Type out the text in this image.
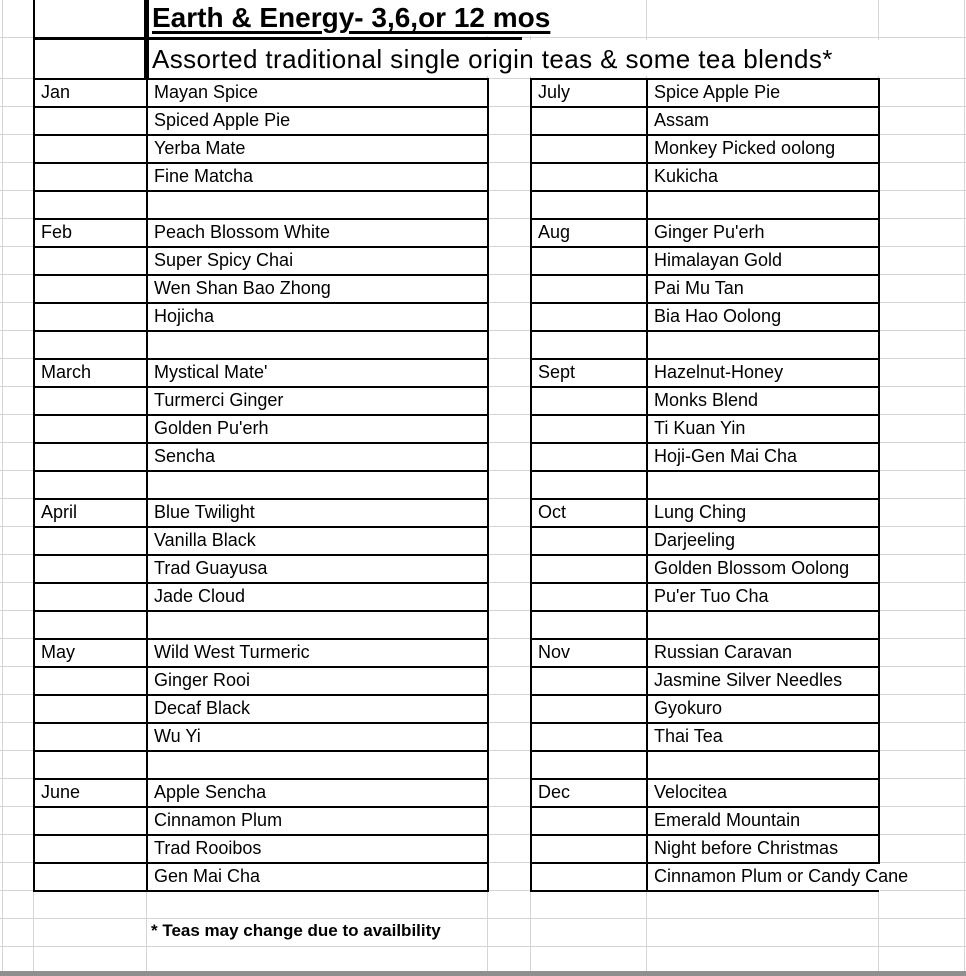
Earth & Energy- 3,6,or 12 mos
Assorted traditional single origin teas & some tea blends*
Jan	Mayan Spice
	Spiced Apple Pie
	Yerba Mate
	Fine Matcha

Feb	Peach Blossom White
	Super Spicy Chai
	Wen Shan Bao Zhong
	Hojicha

March	Mystical Mate'
	Turmerci Ginger
	Golden Pu'erh
	Sencha

April	Blue Twilight
	Vanilla Black
	Trad Guayusa
	Jade Cloud

May	Wild West Turmeric
	Ginger Rooi
	Decaf Black
	Wu Yi

June	Apple Sencha
	Cinnamon Plum
	Trad Rooibos
	Gen Mai Cha
July	Spice Apple Pie
	Assam
	Monkey Picked oolong
	Kukicha

Aug	Ginger Pu'erh
	Himalayan Gold
	Pai Mu Tan
	Bia Hao Oolong

Sept	Hazelnut-Honey
	Monks Blend
	Ti Kuan Yin
	Hoji-Gen Mai Cha

Oct	Lung Ching
	Darjeeling
	Golden Blossom Oolong
	Pu'er Tuo Cha

Nov	Russian Caravan
	Jasmine Silver Needles
	Gyokuro
	Thai Tea

Dec	Velocitea
	Emerald Mountain
	Night before Christmas
	Cinnamon Plum or Candy Cane
* Teas may change due to availbility
